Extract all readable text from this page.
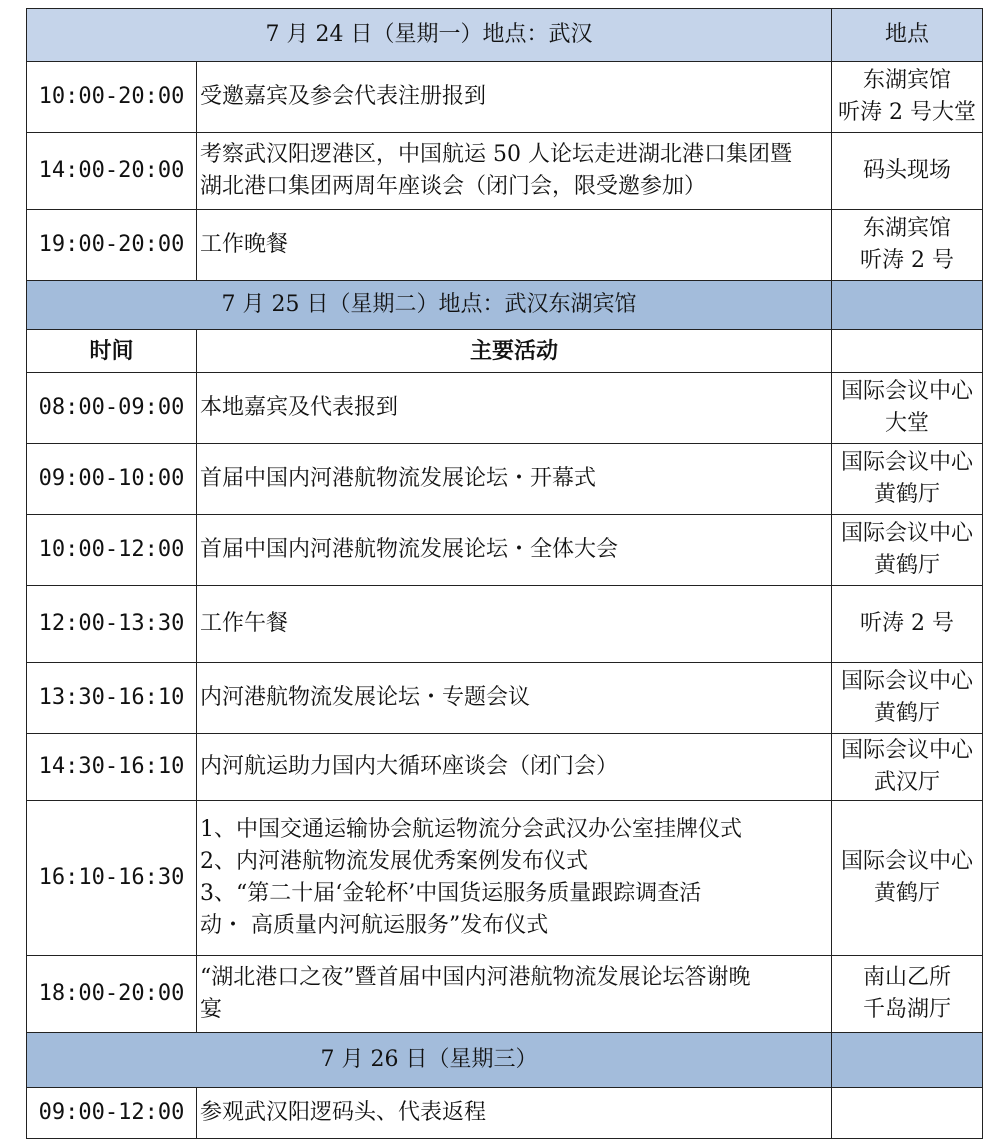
7 月 24 日（星期一）地点：武汉		地点
10:00-20:00	受邀嘉宾及参会代表注册报到	东湖宾馆
听涛 2 号大堂

14:00-20:00	考察武汉阳逻港区，中国航运 50 人论坛走进湖北港口集团暨
湖北港口集团两周年座谈会（闭门会，限受邀参加）	码头现场

19:00-20:00	工作晚餐	东湖宾馆
听涛 2 号

7 月 25 日（星期二）地点：武汉东湖宾馆		
时间	主要活动	
08:00-09:00	本地嘉宾及代表报到	国际会议中心
大堂

09:00-10:00	首届中国内河港航物流发展论坛・开幕式	国际会议中心
黄鹤厅

10:00-12:00	首届中国内河港航物流发展论坛・全体大会	国际会议中心
黄鹤厅

12:00-13:30	工作午餐	听涛 2 号

13:30-16:10	内河港航物流发展论坛・专题会议	国际会议中心
黄鹤厅

14:30-16:10	内河航运助力国内大循环座谈会（闭门会）	国际会议中心
武汉厅

16:10-16:30	1、中国交通运输协会航运物流分会武汉办公室挂牌仪式
2、内河港航物流发展优秀案例发布仪式
3、“第二十届‘金轮杯’中国货运服务质量跟踪调查活
动・ 高质量内河航运服务”发布仪式	国际会议中心
黄鹤厅

18:00-20:00	“湖北港口之夜”暨首届中国内河港航物流发展论坛答谢晚
宴	南山乙所
千岛湖厅

7 月 26 日（星期三）		
09:00-12:00	参观武汉阳逻码头、代表返程	
